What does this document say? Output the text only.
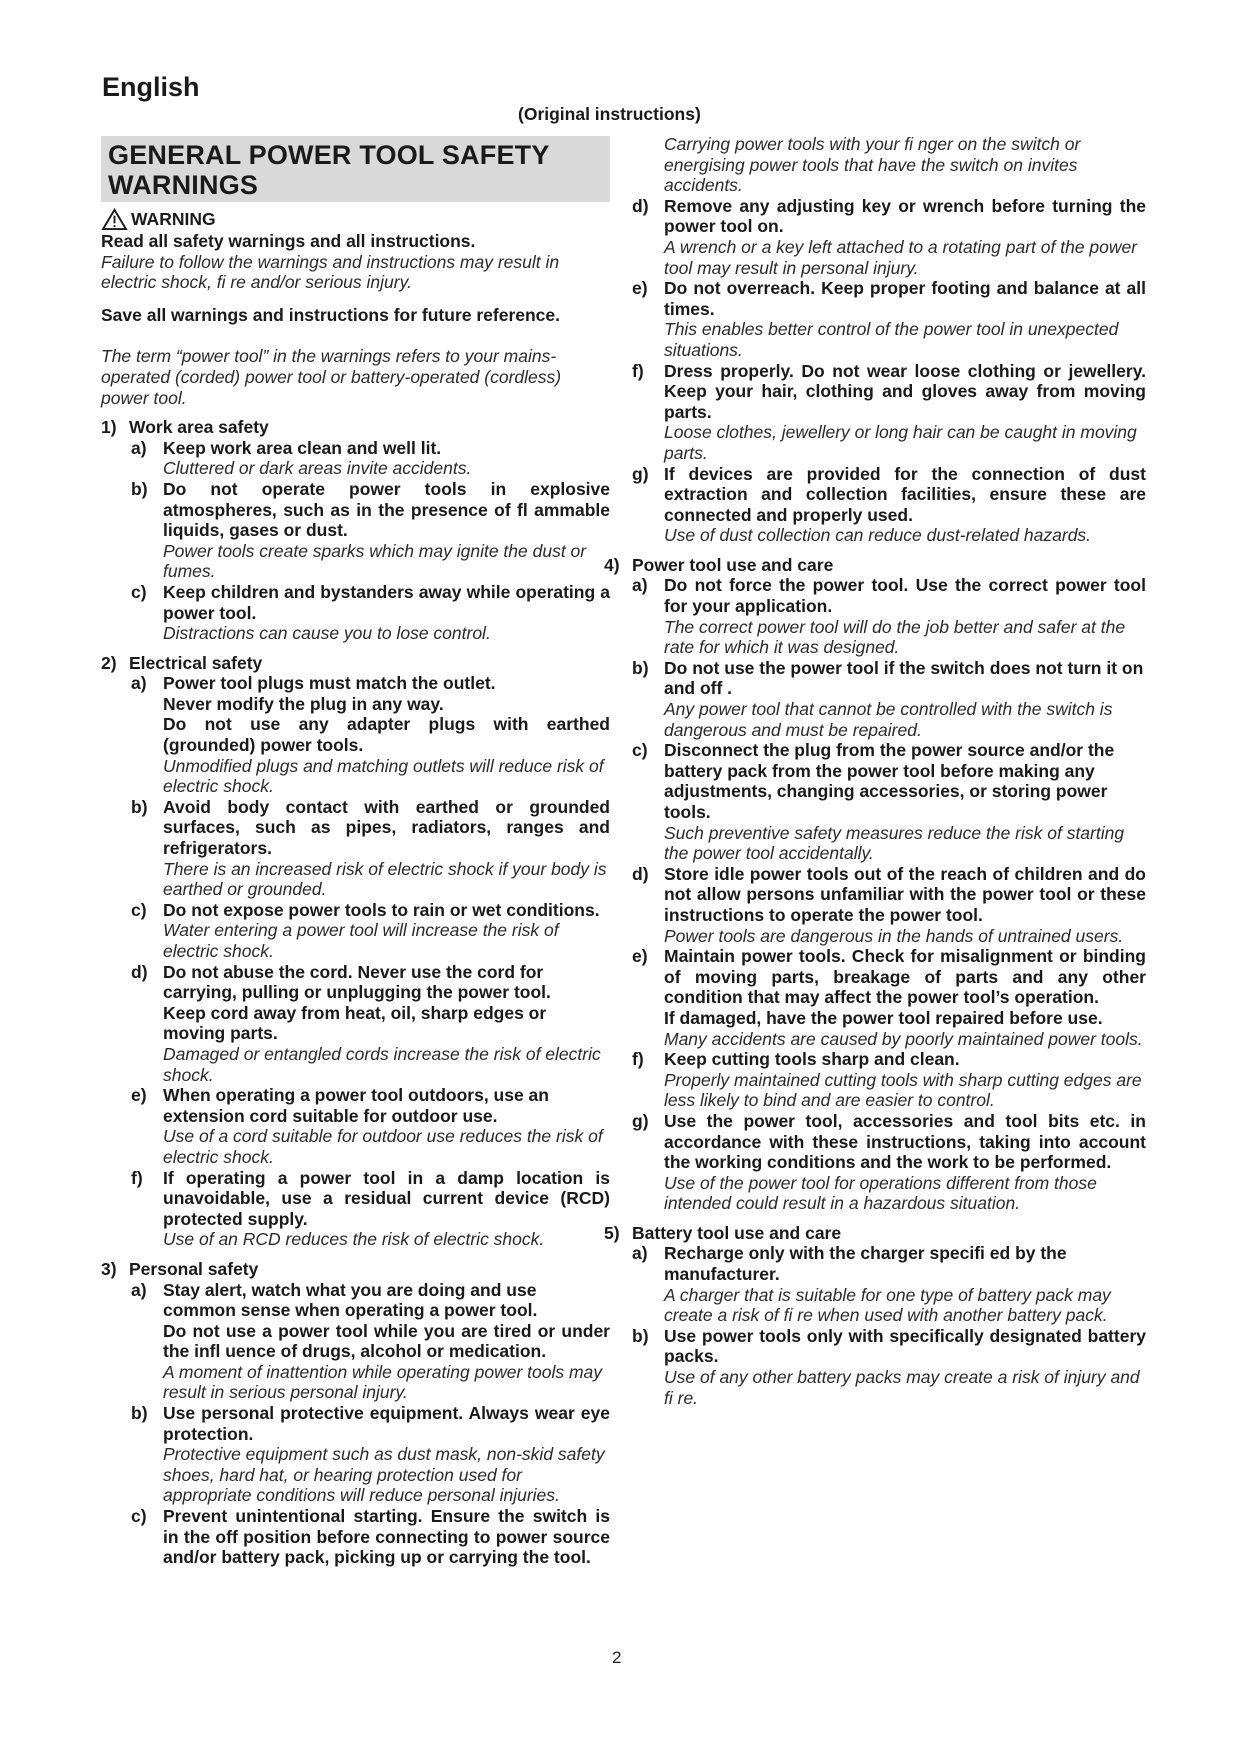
English
(Original instructions)
GENERAL POWER TOOL SAFETY WARNINGS
WARNING

Read all safety warnings and all instructions.

Failure to follow the warnings and instructions may result in electric shock, fi re and/or serious injury.

Save all warnings and instructions for future reference.

The term “power tool” in the warnings refers to your mains-operated (corded) power tool or battery-operated (cordless) power tool.

1) Work area safety
a) Keep work area clean and well lit.

Cluttered or dark areas invite accidents.

b) Do not operate power tools in explosive atmospheres, such as in the presence of fl ammable liquids, gases or dust.

Power tools create sparks which may ignite the dust or fumes.

c) Keep children and bystanders away while operating a power tool.

Distractions can cause you to lose control.

2) Electrical safety
a) Power tool plugs must match the outlet.

Never modify the plug in any way.

Do not use any adapter plugs with earthed (grounded) power tools.

Unmodified plugs and matching outlets will reduce risk of electric shock.

b) Avoid body contact with earthed or grounded surfaces, such as pipes, radiators, ranges and refrigerators.

There is an increased risk of electric shock if your body is earthed or grounded.

c) Do not expose power tools to rain or wet conditions.

Water entering a power tool will increase the risk of electric shock.

d) Do not abuse the cord. Never use the cord for carrying, pulling or unplugging the power tool.

Keep cord away from heat, oil, sharp edges or moving parts.

Damaged or entangled cords increase the risk of electric shock.

e) When operating a power tool outdoors, use an extension cord suitable for outdoor use.

Use of a cord suitable for outdoor use reduces the risk of electric shock.

f)	If operating a power tool in a damp location is unavoidable, use a residual current device (RCD) protected supply.

Use of an RCD reduces the risk of electric shock.

3) Personal safety
a) Stay alert, watch what you are doing and use common sense when operating a power tool.

Do not use a power tool while you are tired or under the infl uence of drugs, alcohol or medication.

A moment of inattention while operating power tools may result in serious personal injury.

b) Use personal protective equipment. Always wear eye protection.

Protective equipment such as dust mask, non-skid safety shoes, hard hat, or hearing protection used for appropriate conditions will reduce personal injuries.

c) Prevent unintentional starting. Ensure the switch is in the off position before connecting to power source and/or battery pack, picking up or carrying the tool.

Carrying power tools with your fi nger on the switch or energising power tools that have the switch on invites accidents.

d) Remove any adjusting key or wrench before turning the power tool on.

A wrench or a key left attached to a rotating part of the power tool may result in personal injury.

e) Do not overreach. Keep proper footing and balance at all times.

This enables better control of the power tool in unexpected situations.

f)	Dress properly. Do not wear loose clothing or jewellery. Keep your hair, clothing and gloves away from moving parts.

Loose clothes, jewellery or long hair can be caught in moving parts.

g) If devices are provided for the connection of dust extraction and collection facilities, ensure these are connected and properly used.

Use of dust collection can reduce dust-related hazards.

4) Power tool use and care
a) Do not force the power tool. Use the correct power tool for your application.

The correct power tool will do the job better and safer at the rate for which it was designed.

b) Do not use the power tool if the switch does not turn it on and off .

Any power tool that cannot be controlled with the switch is dangerous and must be repaired.

c) Disconnect the plug from the power source and/or the battery pack from the power tool before making any adjustments, changing accessories, or storing power tools.

Such preventive safety measures reduce the risk of starting the power tool accidentally.

d) Store idle power tools out of the reach of children and do not allow persons unfamiliar with the power tool or these instructions to operate the power tool.

Power tools are dangerous in the hands of untrained users.

e) Maintain power tools. Check for misalignment or binding of moving parts, breakage of parts and any other condition that may affect the power tool’s operation.

If damaged, have the power tool repaired before use.

Many accidents are caused by poorly maintained power tools.

f)	Keep cutting tools sharp and clean.

Properly maintained cutting tools with sharp cutting edges are less likely to bind and are easier to control.

g) Use the power tool, accessories and tool bits etc. in accordance with these instructions, taking into account the working conditions and the work to be performed.

Use of the power tool for operations different from those intended could result in a hazardous situation.

5) Battery tool use and care
a) Recharge only with the charger specifi ed by the manufacturer.

A charger that is suitable for one type of battery pack may create a risk of fi re when used with another battery pack.

b) Use power tools only with specifically designated battery packs.

Use of any other battery packs may create a risk of injury and fi re.

2
